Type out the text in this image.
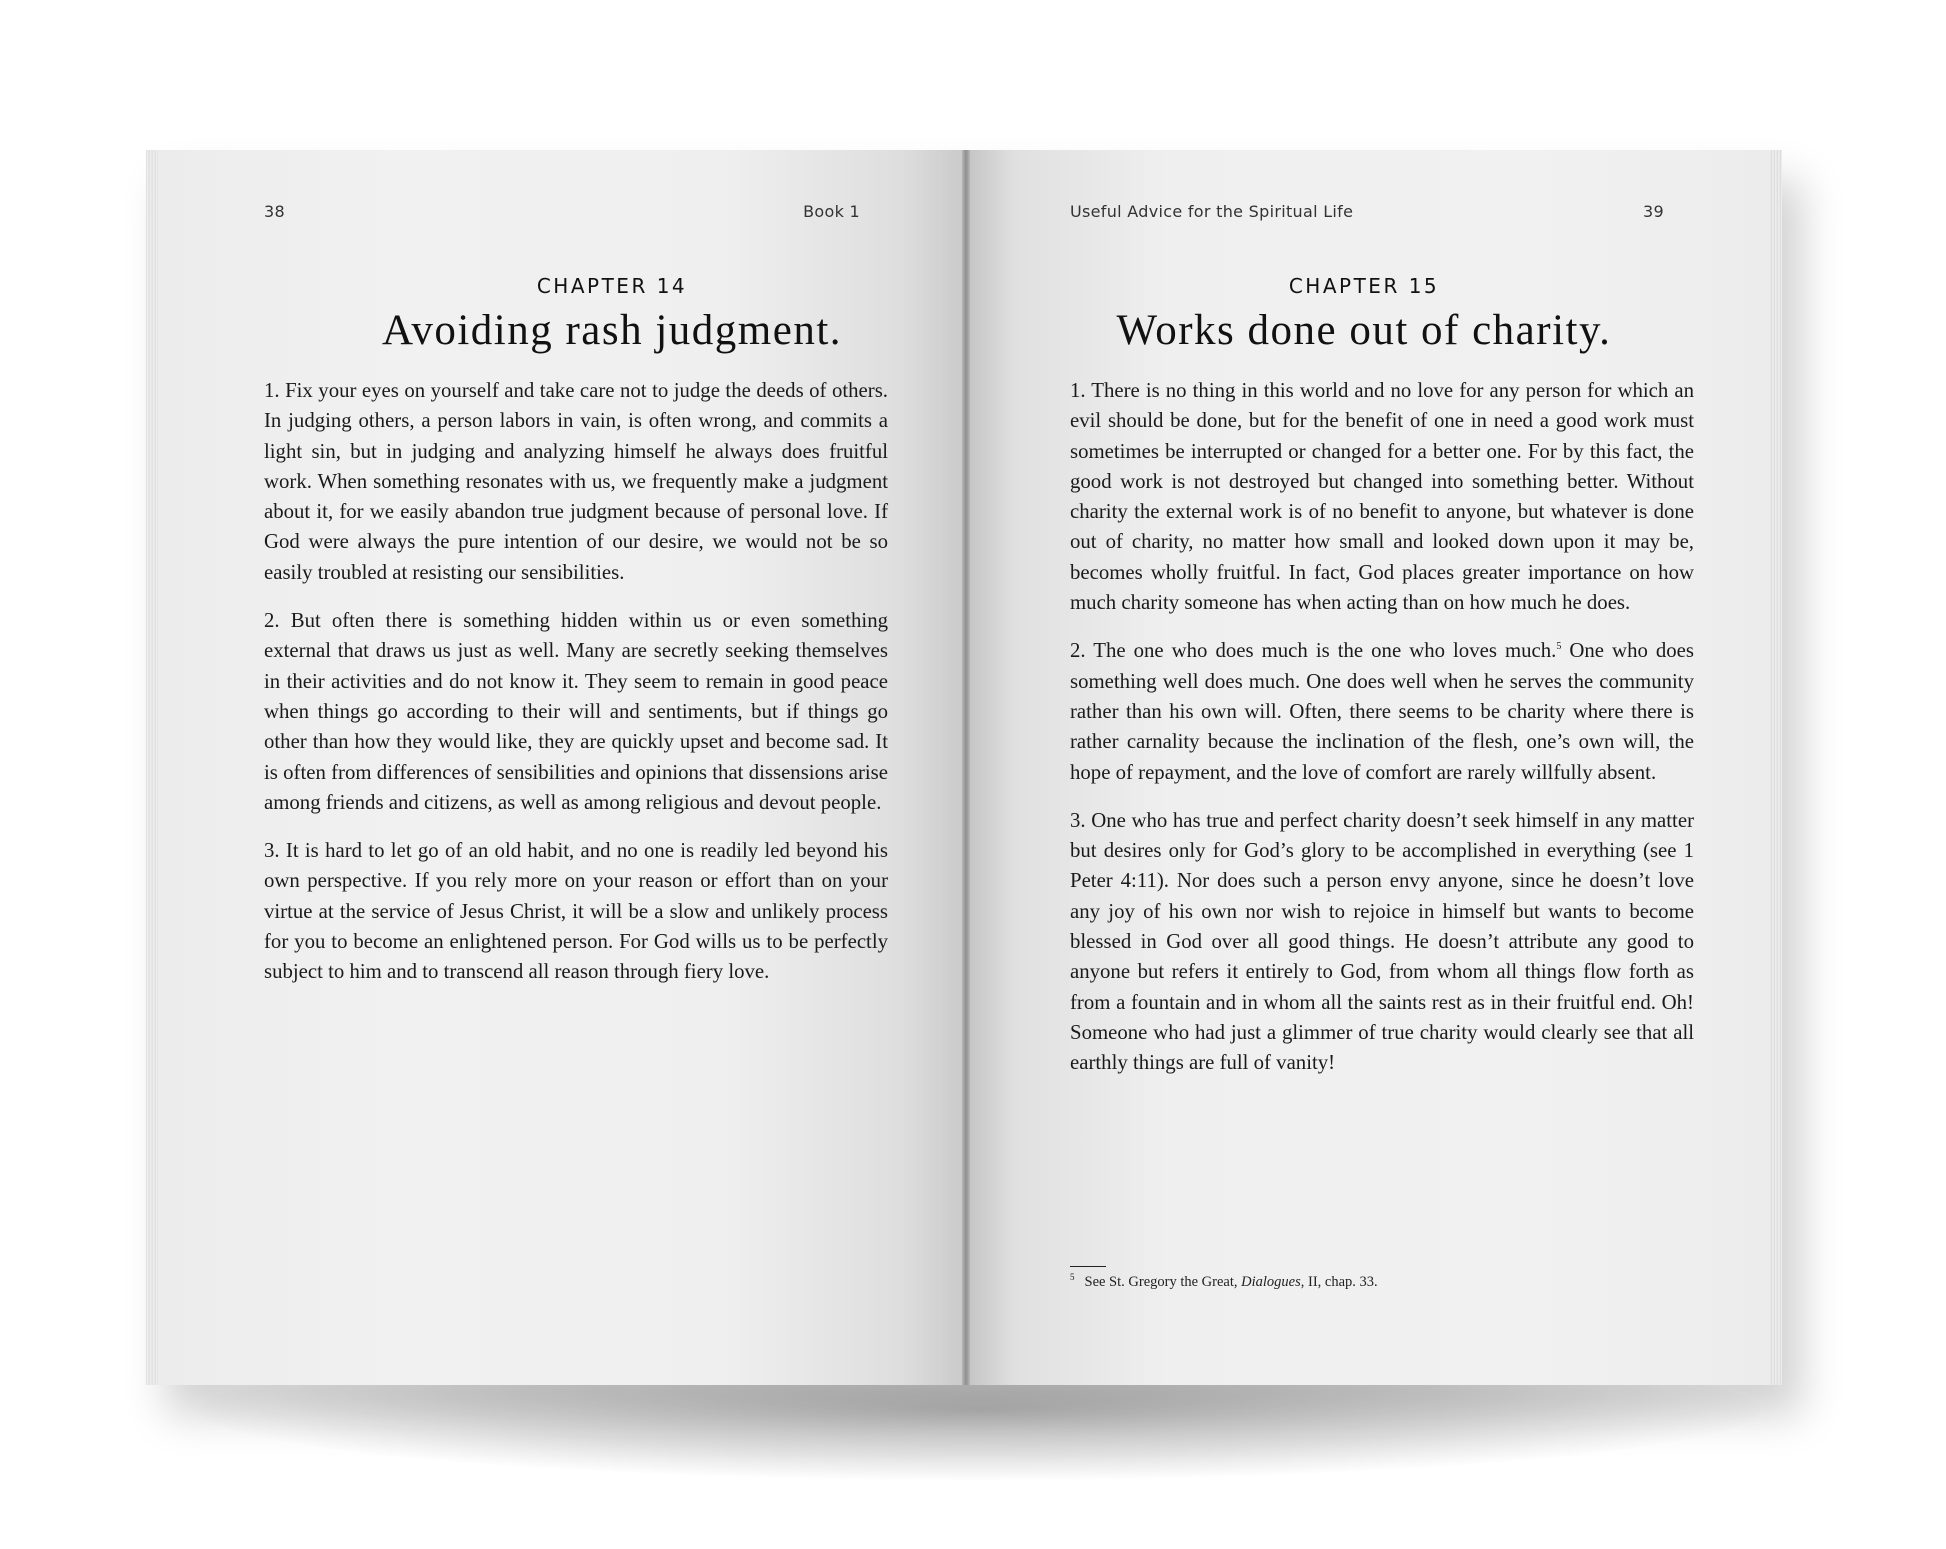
38	Book 1
CHAPTER 14
Avoiding rash judgment.

1. Fix your eyes on yourself and take care not to judge the deeds of others. In judging others, a person labors in vain, is often wrong, and commits a light sin, but in judging and analyzing himself he always does fruitful work. When something resonates with us, we frequently make a judgment about it, for we easily abandon true judgment because of personal love. If God were always the pure intention of our desire, we would not be so easily troubled at resisting our sensibilities.

2. But often there is something hidden within us or even something external that draws us just as well. Many are secretly seeking themselves in their activities and do not know it. They seem to remain in good peace when things go according to their will and sentiments, but if things go other than how they would like, they are quickly upset and become sad. It is often from differences of sensibilities and opinions that dissensions arise among friends and citizens, as well as among religious and devout people.

3. It is hard to let go of an old habit, and no one is readily led beyond his own perspective. If you rely more on your reason or effort than on your virtue at the service of Jesus Christ, it will be a slow and unlikely process for you to become an enlightened person. For God wills us to be perfectly subject to him and to transcend all reason through fiery love.

Useful Advice for the Spiritual Life	39
CHAPTER 15
Works done out of charity.

1. There is no thing in this world and no love for any person for which an evil should be done, but for the benefit of one in need a good work must sometimes be interrupted or changed for a better one. For by this fact, the good work is not destroyed but changed into something better. Without charity the external work is of no benefit to anyone, but whatever is done out of charity, no matter how small and looked down upon it may be, becomes wholly fruitful. In fact, God places greater importance on how much charity someone has when acting than on how much he does.

2. The one who does much is the one who loves much.$^5$ One who does something well does much. One does well when he serves the community rather than his own will. Often, there seems to be charity where there is rather carnality because the inclination of the flesh, one’s own will, the hope of repayment, and the love of comfort are rarely willfully absent.

3. One who has true and perfect charity doesn’t seek himself in any matter but desires only for God’s glory to be accomplished in everything (see 1 Peter 4:11). Nor does such a person envy anyone, since he doesn’t love any joy of his own nor wish to rejoice in himself but wants to become blessed in God over all good things. He doesn’t attribute any good to anyone but refers it entirely to God, from whom all things flow forth as from a fountain and in whom all the saints rest as in their fruitful end. Oh! Someone who had just a glimmer of true charity would clearly see that all earthly things are full of vanity!

$^5$ See St. Gregory the Great, Dialogues, II, chap. 33.
